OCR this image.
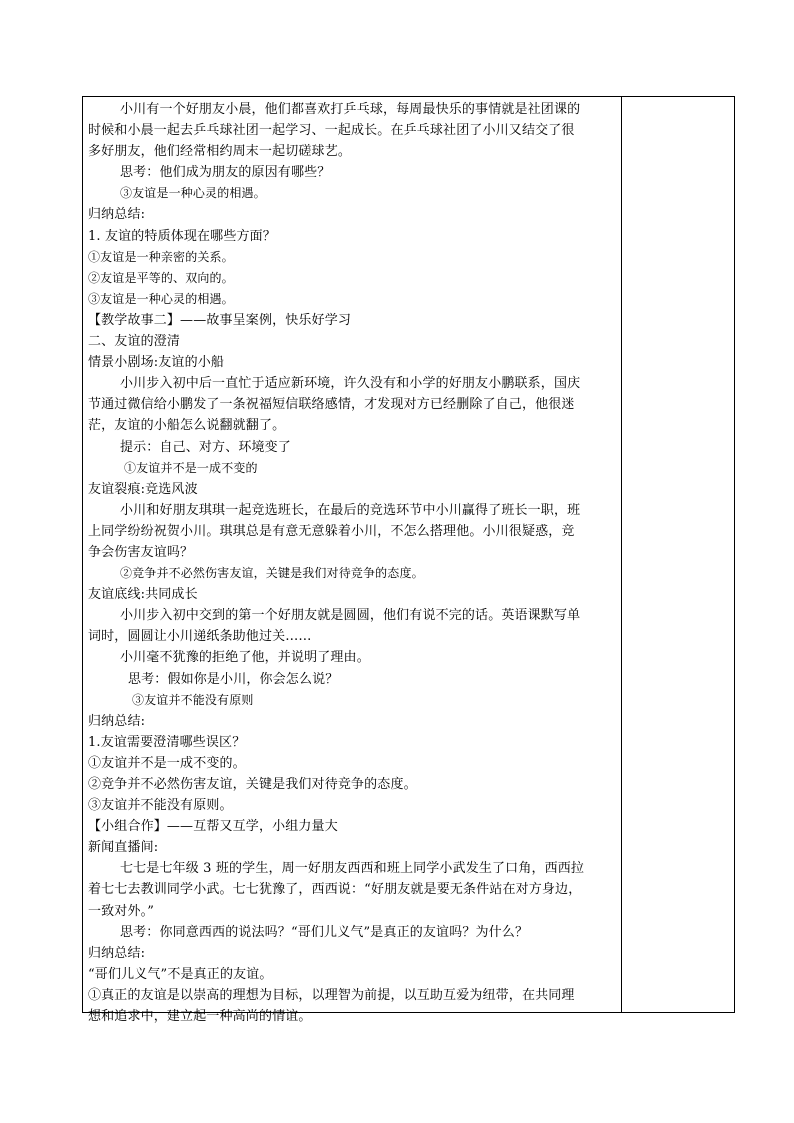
小川有一个好朋友小晨，他们都喜欢打乒乓球，每周最快乐的事情就是社团课的
时候和小晨一起去乒乓球社团一起学习、一起成长。在乒乓球社团了小川又结交了很
多好朋友，他们经常相约周末一起切磋球艺。
思考：他们成为朋友的原因有哪些？
③友谊是一种心灵的相遇。
归纳总结:
1. 友谊的特质体现在哪些方面？
①友谊是一种亲密的关系。
②友谊是平等的、双向的。
③友谊是一种心灵的相遇。
【教学故事二】——故事呈案例，快乐好学习
二、友谊的澄清
情景小剧场:友谊的小船
小川步入初中后一直忙于适应新环境，许久没有和小学的好朋友小鹏联系，国庆
节通过微信给小鹏发了一条祝福短信联络感情，才发现对方已经删除了自己，他很迷
茫，友谊的小船怎么说翻就翻了。
提示：自己、对方、环境变了
①友谊并不是一成不变的
友谊裂痕:竞选风波
小川和好朋友琪琪一起竞选班长，在最后的竞选环节中小川赢得了班长一职，班
上同学纷纷祝贺小川。琪琪总是有意无意躲着小川，不怎么搭理他。小川很疑惑，竞
争会伤害友谊吗？
②竞争并不必然伤害友谊，关键是我们对待竞争的态度。
友谊底线:共同成长
小川步入初中交到的第一个好朋友就是圆圆，他们有说不完的话。英语课默写单
词时，圆圆让小川递纸条助他过关……
小川毫不犹豫的拒绝了他，并说明了理由。
思考：假如你是小川，你会怎么说？
③友谊并不能没有原则
归纳总结:
1.友谊需要澄清哪些误区？
①友谊并不是一成不变的。
②竞争并不必然伤害友谊，关键是我们对待竞争的态度。
③友谊并不能没有原则。
【小组合作】——互帮又互学，小组力量大
新闻直播间:
七七是七年级 3 班的学生，周一好朋友西西和班上同学小武发生了口角，西西拉
着七七去教训同学小武。七七犹豫了，西西说：“好朋友就是要无条件站在对方身边，
一致对外。”
思考：你同意西西的说法吗？“哥们儿义气”是真正的友谊吗？为什么？
归纳总结:
“哥们儿义气”不是真正的友谊。
①真正的友谊是以崇高的理想为目标，以理智为前提，以互助互爱为纽带，在共同理
想和追求中，建立起一种高尚的情谊。
